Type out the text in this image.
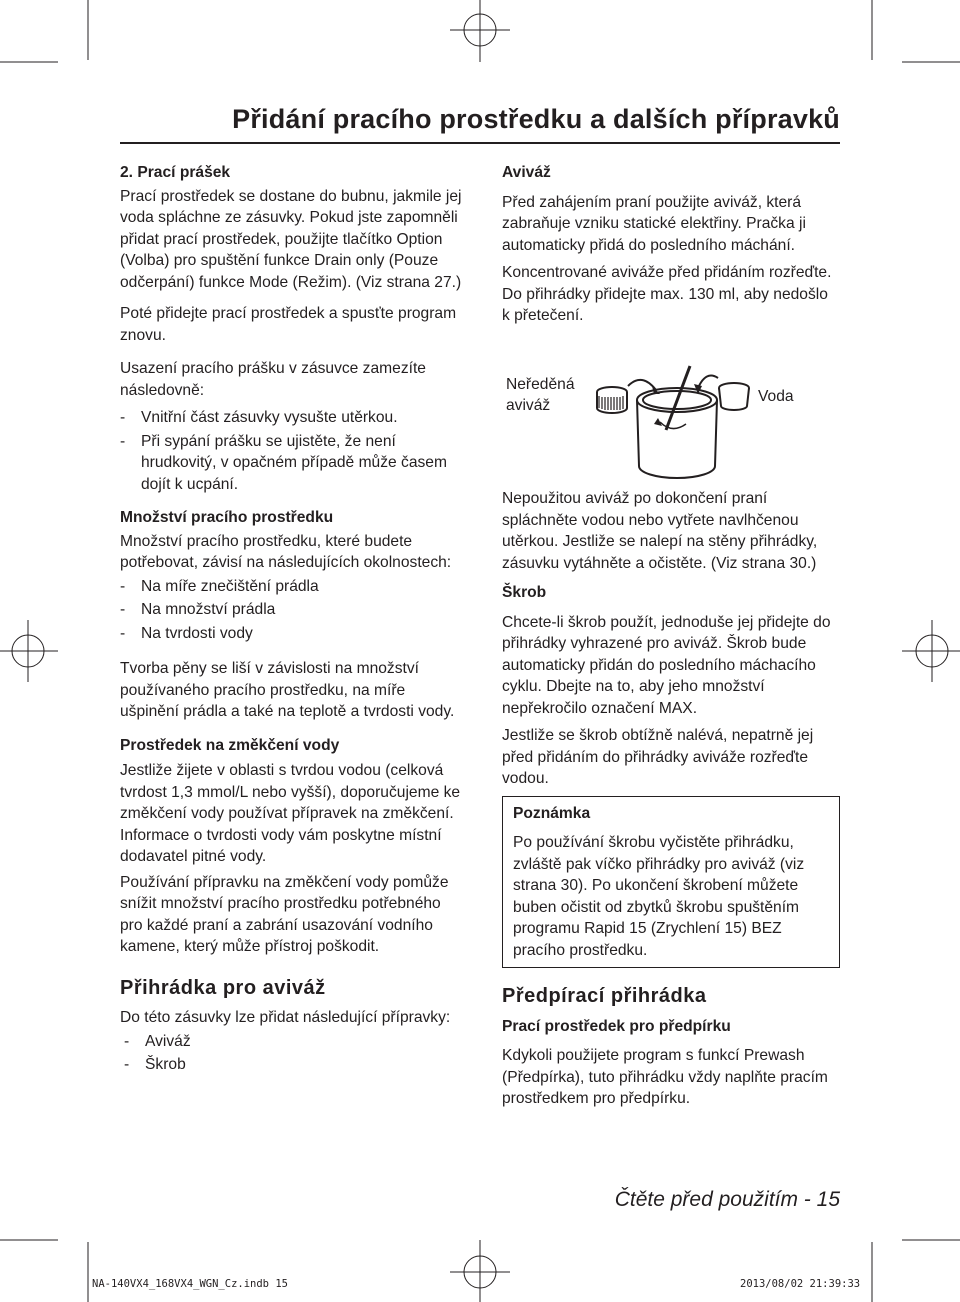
Přidání pracího prostředku a dalších přípravků
2. Prací prášek

Prací prostředek se dostane do bubnu, jakmile jej voda spláchne ze zásuvky. Pokud jste zapomněli přidat prací prostředek, použijte tlačítko Option (Volba) pro spuštění funkce Drain only (Pouze odčerpání) funkce Mode (Režim). (Viz strana 27.)

Poté přidejte prací prostředek a spusťte program znovu.

Usazení pracího prášku v zásuvce zamezíte následovně:

- Vnitřní část zásuvky vysušte utěrkou.
- Při sypání prášku se ujistěte, že není hrudkovitý, v opačném případě může časem dojít k ucpání.
Množství pracího prostředku

Množství pracího prostředku, které budete potřebovat, závisí na následujících okolnostech:

- Na míře znečištění prádla
- Na množství prádla
- Na tvrdosti vody

Tvorba pěny se liší v závislosti na množství používaného pracího prostředku, na míře ušpinění prádla a také na teplotě a tvrdosti vody.

Prostředek na změkčení vody

Jestliže žijete v oblasti s tvrdou vodou (celková tvrdost 1,3 mmol/L nebo vyšší), doporučujeme ke změkčení vody používat přípravek na změkčení. Informace o tvrdosti vody vám poskytne místní dodavatel pitné vody.

Používání přípravku na změkčení vody pomůže snížit množství pracího prostředku potřebného pro každé praní a zabrání usazování vodního kamene, který může přístroj poškodit.

Přihrádka pro aviváž

Do této zásuvky lze přidat následující přípravky:

- Aviváž
- Škrob
Aviváž

Před zahájením praní použijte aviváž, která zabraňuje vzniku statické elektřiny. Pračka ji automaticky přidá do posledního máchání.

Koncentrované aviváže před přidáním rozřeďte. Do přihrádky přidejte max. 130 ml, aby nedošlo k přetečení.

Neředěná aviváž
Voda

Nepoužitou aviváž po dokončení praní spláchněte vodou nebo vytřete navlhčenou utěrkou. Jestliže se nalepí na stěny přihrádky, zásuvku vytáhněte a očistěte. (Viz strana 30.)

Škrob

Chcete-li škrob použít, jednoduše jej přidejte do přihrádky vyhrazené pro aviváž. Škrob bude automaticky přidán do posledního máchacího cyklu. Dbejte na to, aby jeho množství nepřekročilo označení MAX.

Jestliže se škrob obtížně nalévá, nepatrně jej před přidáním do přihrádky aviváže rozřeďte vodou.

Poznámka

Po používání škrobu vyčistěte přihrádku, zvláště pak víčko přihrádky pro aviváž (viz strana 30). Po ukončení škrobení můžete buben očistit od zbytků škrobu spuštěním programu Rapid 15 (Zrychlení 15) BEZ pracího prostředku.

Předpírací přihrádka
Prací prostředek pro předpírku

Kdykoli použijete program s funkcí Prewash (Předpírka), tuto přihrádku vždy naplňte pracím prostředkem pro předpírku.

Čtěte před použitím - 15
NA-140VX4_168VX4_WGN_Cz.indb 15	2013/08/02 21:39:33
